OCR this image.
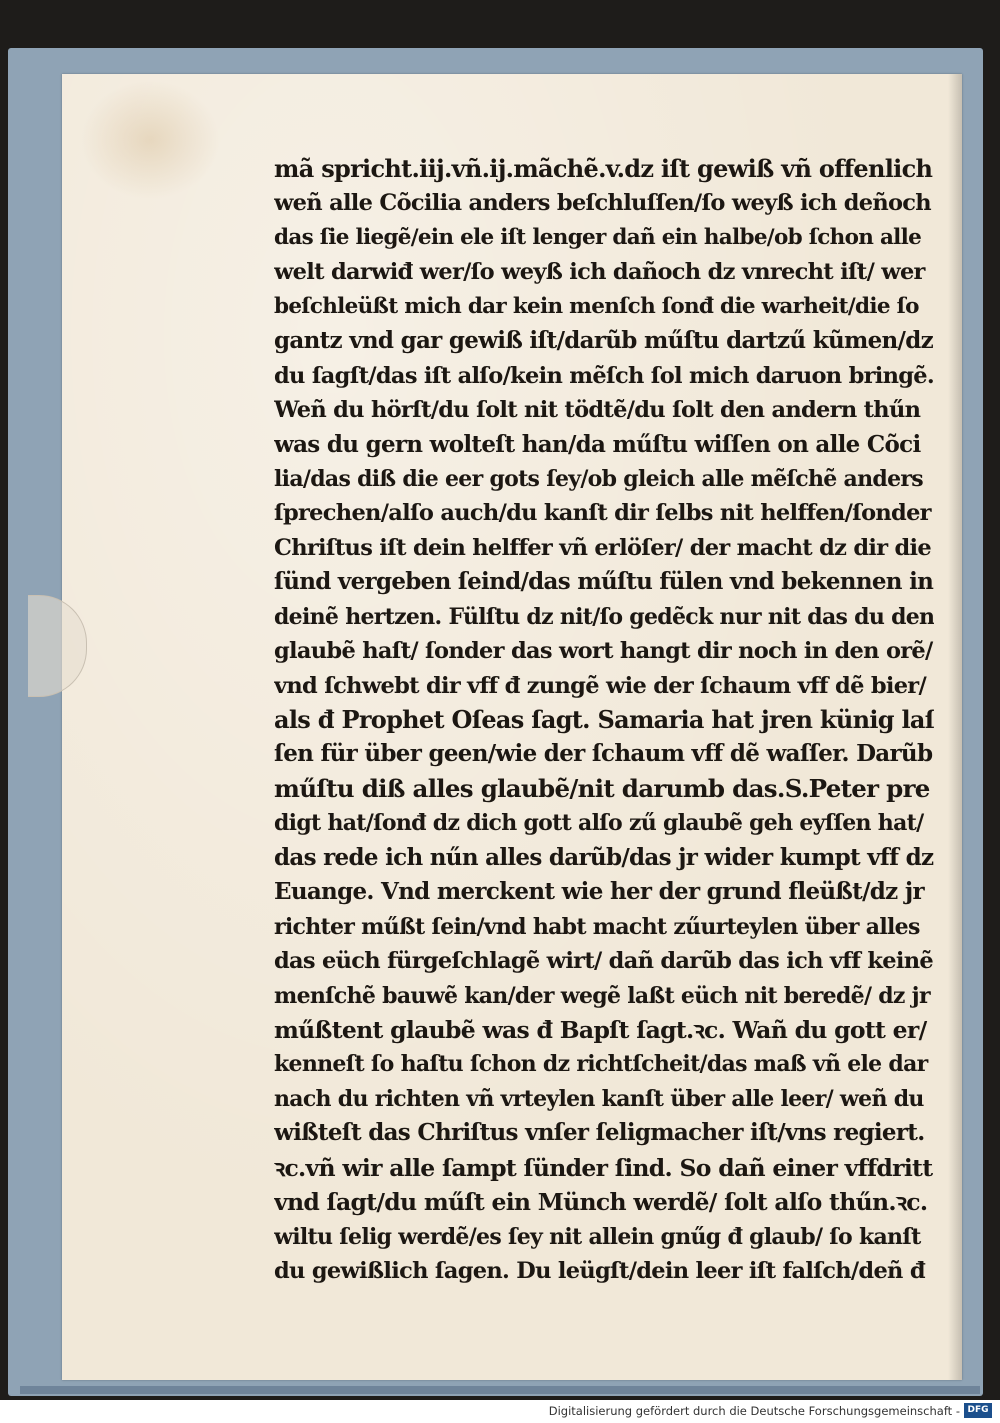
mã spricht.iij.vñ.ij.mãchẽ.v.dz iſt gewiß vñ offenlich
weñ alle Cõcilia anders beſchluſſen/ſo weyß ich deñoch
das ſie liegẽ/ein ele iſt lenger dañ ein halbe/ob ſchon alle
welt darwiđ wer/ſo weyß ich dañoch dz vnrecht iſt/ wer
beſchleüßt mich dar kein menſch ſonđ die warheit/die ſo
gantz vnd gar gewiß iſt/darũb műſtu dartzű kũmen/dz
du ſagſt/das iſt alſo/kein mẽſch ſol mich daruon bringẽ.
Weñ du hörſt/du ſolt nit tödtẽ/du ſolt den andern thűn
was du gern wolteſt han/da műſtu wiſſen on alle Cõci
lia/das diß die eer gots ſey/ob gleich alle mẽſchẽ anders
ſprechen/alſo auch/du kanſt dir ſelbs nit helffen/ſonder
Chriſtus iſt dein helffer vñ erlöſer/ der macht dz dir die
ſünd vergeben ſeind/das műſtu fülen vnd bekennen in
deinẽ hertzen. Fülſtu dz nit/ſo gedẽck nur nit das du den
glaubẽ haſt/ ſonder das wort hangt dir noch in den orẽ/
vnd ſchwebt dir vff đ zungẽ wie der ſchaum vff dẽ bier/
als đ Prophet Oſeas ſagt. Samaria hat jren künig laſ
ſen für über geen/wie der ſchaum vff dẽ waſſer. Darũb
műſtu diß alles glaubẽ/nit darumb das.S.Peter pre
digt hat/ſonđ dz dich gott alſo zű glaubẽ geh eyſſen hat/
das rede ich nűn alles darũb/das jr wider kumpt vff dz
Euange. Vnd merckent wie her der grund fleüßt/dz jr
richter műßt ſein/vnd habt macht zűurteylen über alles
das eüch fürgeſchlagẽ wirt/ dañ darũb das ich vff keinẽ
menſchẽ bauwẽ kan/der wegẽ laßt eüch nit beredẽ/ dz jr
műßtent glaubẽ was đ Bapſt ſagt.ꝛc. Wañ du gott er/
kenneſt ſo haſtu ſchon dz richtſcheit/das maß vñ ele dar
nach du richten vñ vrteylen kanſt über alle leer/ weñ du
wißteſt das Chriſtus vnſer ſeligmacher iſt/vns regiert.
ꝛc.vñ wir alle ſampt ſünder ſind. So dañ einer vffdritt
vnd ſagt/du műſt ein Münch werdẽ/ ſolt alſo thűn.ꝛc.
wiltu ſelig werdẽ/es ſey nit allein gnűg đ glaub/ ſo kanſt
du gewißlich ſagen. Du leügſt/dein leer iſt falſch/deñ đ
Digitalisierung gefördert durch die Deutsche Forschungsgemeinschaft - DFG
